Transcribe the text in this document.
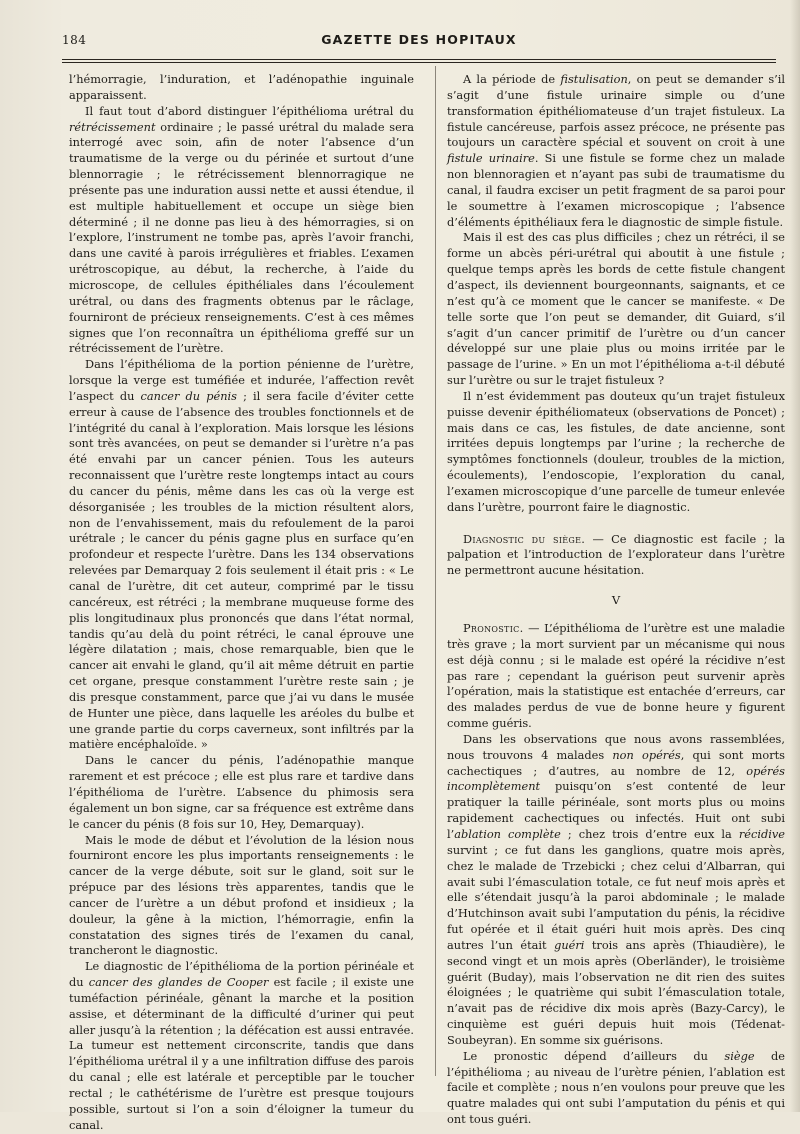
184	GAZETTE DES HOPITAUX

l’hémorragie, l’induration, et l’adénopathie inguinale apparaissent.

Il faut tout d’abord distinguer l’épithélioma urétral du rétrécissement ordinaire ; le passé urétral du malade sera interrogé avec soin, afin de noter l’absence d’un traumatisme de la verge ou du périnée et surtout d’une blennorragie ; le rétrécissement blennorragique ne présente pas une induration aussi nette et aussi étendue, il est multiple habituellement et occupe un siège bien déterminé ; il ne donne pas lieu à des hémorragies, si on l’explore, l’instrument ne tombe pas, après l’avoir franchi, dans une cavité à parois irrégulières et friables. L’examen urétroscopique, au début, la recherche, à l’aide du microscope, de cellules épithéliales dans l’écoulement urétral, ou dans des fragments obtenus par le râclage, fourniront de précieux renseignements. C’est à ces mêmes signes que l’on reconnaîtra un épithélioma greffé sur un rétrécissement de l’urètre.

Dans l’épithélioma de la portion pénienne de l’urètre, lorsque la verge est tuméfiée et indurée, l’affection revêt l’aspect du cancer du pénis ; il sera facile d’éviter cette erreur à cause de l’absence des troubles fonctionnels et de l’intégrité du canal à l’exploration. Mais lorsque les lésions sont très avancées, on peut se demander si l’urètre n’a pas été envahi par un cancer pénien. Tous les auteurs reconnaissent que l’urètre reste longtemps intact au cours du cancer du pénis, même dans les cas où la verge est désorganisée ; les troubles de la miction résultent alors, non de l’envahissement, mais du refoulement de la paroi urétrale ; le cancer du pénis gagne plus en surface qu’en profondeur et respecte l’urètre. Dans les 134 observations relevées par Demarquay 2 fois seulement il était pris : « Le canal de l’urètre, dit cet auteur, comprimé par le tissu cancéreux, est rétréci ; la membrane muqueuse forme des plis longitudinaux plus prononcés que dans l’état normal, tandis qu’au delà du point rétréci, le canal éprouve une légère dilatation ; mais, chose remarquable, bien que le cancer ait envahi le gland, qu’il ait même détruit en partie cet organe, presque constamment l’urètre reste sain ; je dis presque constamment, parce que j’ai vu dans le musée de Hunter une pièce, dans laquelle les aréoles du bulbe et une grande partie du corps caverneux, sont infiltrés par la matière encéphaloïde. »

Dans le cancer du pénis, l’adénopathie manque rarement et est précoce ; elle est plus rare et tardive dans l’épithélioma de l’urètre. L’absence du phimosis sera également un bon signe, car sa fréquence est extrême dans le cancer du pénis (8 fois sur 10, Hey, Demarquay).

Mais le mode de début et l’évolution de la lésion nous fourniront encore les plus importants renseignements : le cancer de la verge débute, soit sur le gland, soit sur le prépuce par des lésions très apparentes, tandis que le cancer de l’urètre a un début profond et insidieux ; la douleur, la gêne à la miction, l’hémorragie, enfin la constatation des signes tirés de l’examen du canal, trancheront le diagnostic.

Le diagnostic de l’épithélioma de la portion périnéale et du cancer des glandes de Cooper est facile ; il existe une tuméfaction périnéale, gênant la marche et la position assise, et déterminant de la difficulté d’uriner qui peut aller jusqu’à la rétention ; la défécation est aussi entravée. La tumeur est nettement circonscrite, tandis que dans l’épithélioma urétral il y a une infiltration diffuse des parois du canal ; elle est latérale et perceptible par le toucher rectal ; le cathétérisme de l’urètre est presque toujours possible, surtout si l’on a soin d’éloigner la tumeur du canal.

A la période de fistulisation, on peut se demander s’il s’agit d’une fistule urinaire simple ou d’une transformation épithéliomateuse d’un trajet fistuleux. La fistule cancéreuse, parfois assez précoce, ne présente pas toujours un caractère spécial et souvent on croit à une fistule urinaire. Si une fistule se forme chez un malade non blennoragien et n’ayant pas subi de traumatisme du canal, il faudra exciser un petit fragment de sa paroi pour le soumettre à l’examen microscopique ; l’absence d’éléments épithéliaux fera le diagnostic de simple fistule.

Mais il est des cas plus difficiles ; chez un rétréci, il se forme un abcès péri-urétral qui aboutit à une fistule ; quelque temps après les bords de cette fistule changent d’aspect, ils deviennent bourgeonnants, saignants, et ce n’est qu’à ce moment que le cancer se manifeste. « De telle sorte que l’on peut se demander, dit Guiard, s’il s’agit d’un cancer primitif de l’urètre ou d’un cancer développé sur une plaie plus ou moins irritée par le passage de l’urine. » En un mot l’épithélioma a-t-il débuté sur l’urètre ou sur le trajet fistuleux ?

Il n’est évidemment pas douteux qu’un trajet fistuleux puisse devenir épithéliomateux (observations de Poncet) ; mais dans ce cas, les fistules, de date ancienne, sont irritées depuis longtemps par l’urine ; la recherche de symptômes fonctionnels (douleur, troubles de la miction, écoulements), l’endoscopie, l’exploration du canal, l’examen microscopique d’une parcelle de tumeur enlevée dans l’urètre, pourront faire le diagnostic.

Diagnostic du siège. — Ce diagnostic est facile ; la palpation et l’introduction de l’explorateur dans l’urètre ne permettront aucune hésitation.

V

Pronostic. — L’épithélioma de l’urètre est une maladie très grave ; la mort survient par un mécanisme qui nous est déjà connu ; si le malade est opéré la récidive n’est pas rare ; cependant la guérison peut survenir après l’opération, mais la statistique est entachée d’erreurs, car des malades perdus de vue de bonne heure y figurent comme guéris.

Dans les observations que nous avons rassemblées, nous trouvons 4 malades non opérés, qui sont morts cachectiques ; d’autres, au nombre de 12, opérés incomplètement puisqu’on s’est contenté de leur pratiquer la taille périnéale, sont morts plus ou moins rapidement cachectiques ou infectés. Huit ont subi l’ablation complète ; chez trois d’entre eux la récidive survint ; ce fut dans les ganglions, quatre mois après, chez le malade de Trzebicki ; chez celui d’Albarran, qui avait subi l’émasculation totale, ce fut neuf mois après et elle s’étendait jusqu’à la paroi abdominale ; le malade d’Hutchinson avait subi l’amputation du pénis, la récidive fut opérée et il était guéri huit mois après. Des cinq autres l’un était guéri trois ans après (Thiaudière), le second vingt et un mois après (Oberländer), le troisième guérit (Buday), mais l’observation ne dit rien des suites éloignées ; le quatrième qui subit l’émasculation totale, n’avait pas de récidive dix mois après (Bazy-Carcy), le cinquième est guéri depuis huit mois (Tédenat-Soubeyran). En somme six guérisons.

Le pronostic dépend d’ailleurs du siège de l’épithélioma ; au niveau de l’urètre pénien, l’ablation est facile et complète ; nous n’en voulons pour preuve que les quatre malades qui ont subi l’amputation du pénis et qui ont tous guéri.
